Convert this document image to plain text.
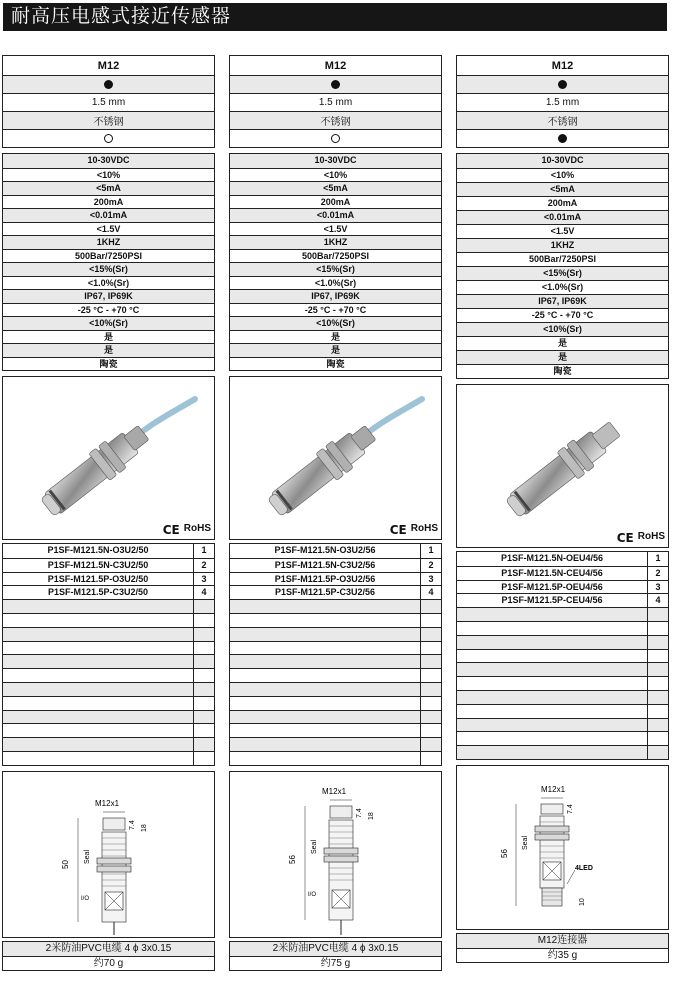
耐高压电感式接近传感器
M12
1.5 mm
不锈钢
10-30VDC
<10%
<5mA
200mA
<0.01mA
<1.5V
1KHZ
500Bar/7250PSI
<15%(Sr)
<1.0%(Sr)
IP67, IP69K
-25 °C - +70 °C
<10%(Sr)
是
是
陶瓷
CE RoHS
P1SF-M121.5N-O3U2/50	1
P1SF-M121.5N-C3U2/50	2
P1SF-M121.5P-O3U2/50	3
P1SF-M121.5P-C3U2/50	4
M12x1
50
Seal
I/O
7.4 18
2米防油PVC电缆 4 ϕ 3x0.15
约70 g
M12
1.5 mm
不锈钢
10-30VDC
<10%
<5mA
200mA
<0.01mA
<1.5V
1KHZ
500Bar/7250PSI
<15%(Sr)
<1.0%(Sr)
IP67, IP69K
-25 °C - +70 °C
<10%(Sr)
是
是
陶瓷
CE RoHS
P1SF-M121.5N-O3U2/56	1
P1SF-M121.5N-C3U2/56	2
P1SF-M121.5P-O3U2/56	3
P1SF-M121.5P-C3U2/56	4
M12x1
56
Seal
I/O
7.4 18
2米防油PVC电缆 4 ϕ 3x0.15
约75 g
M12
1.5 mm
不锈钢
10-30VDC
<10%
<5mA
200mA
<0.01mA
<1.5V
1KHZ
500Bar/7250PSI
<15%(Sr)
<1.0%(Sr)
IP67, IP69K
-25 °C - +70 °C
<10%(Sr)
是
是
陶瓷
CE RoHS
P1SF-M121.5N-OEU4/56	1
P1SF-M121.5N-CEU4/56	2
P1SF-M121.5P-OEU4/56	3
P1SF-M121.5P-CEU4/56	4
M12x1
56
Seal
7.4
4LED
10
M12连接器
约35 g
